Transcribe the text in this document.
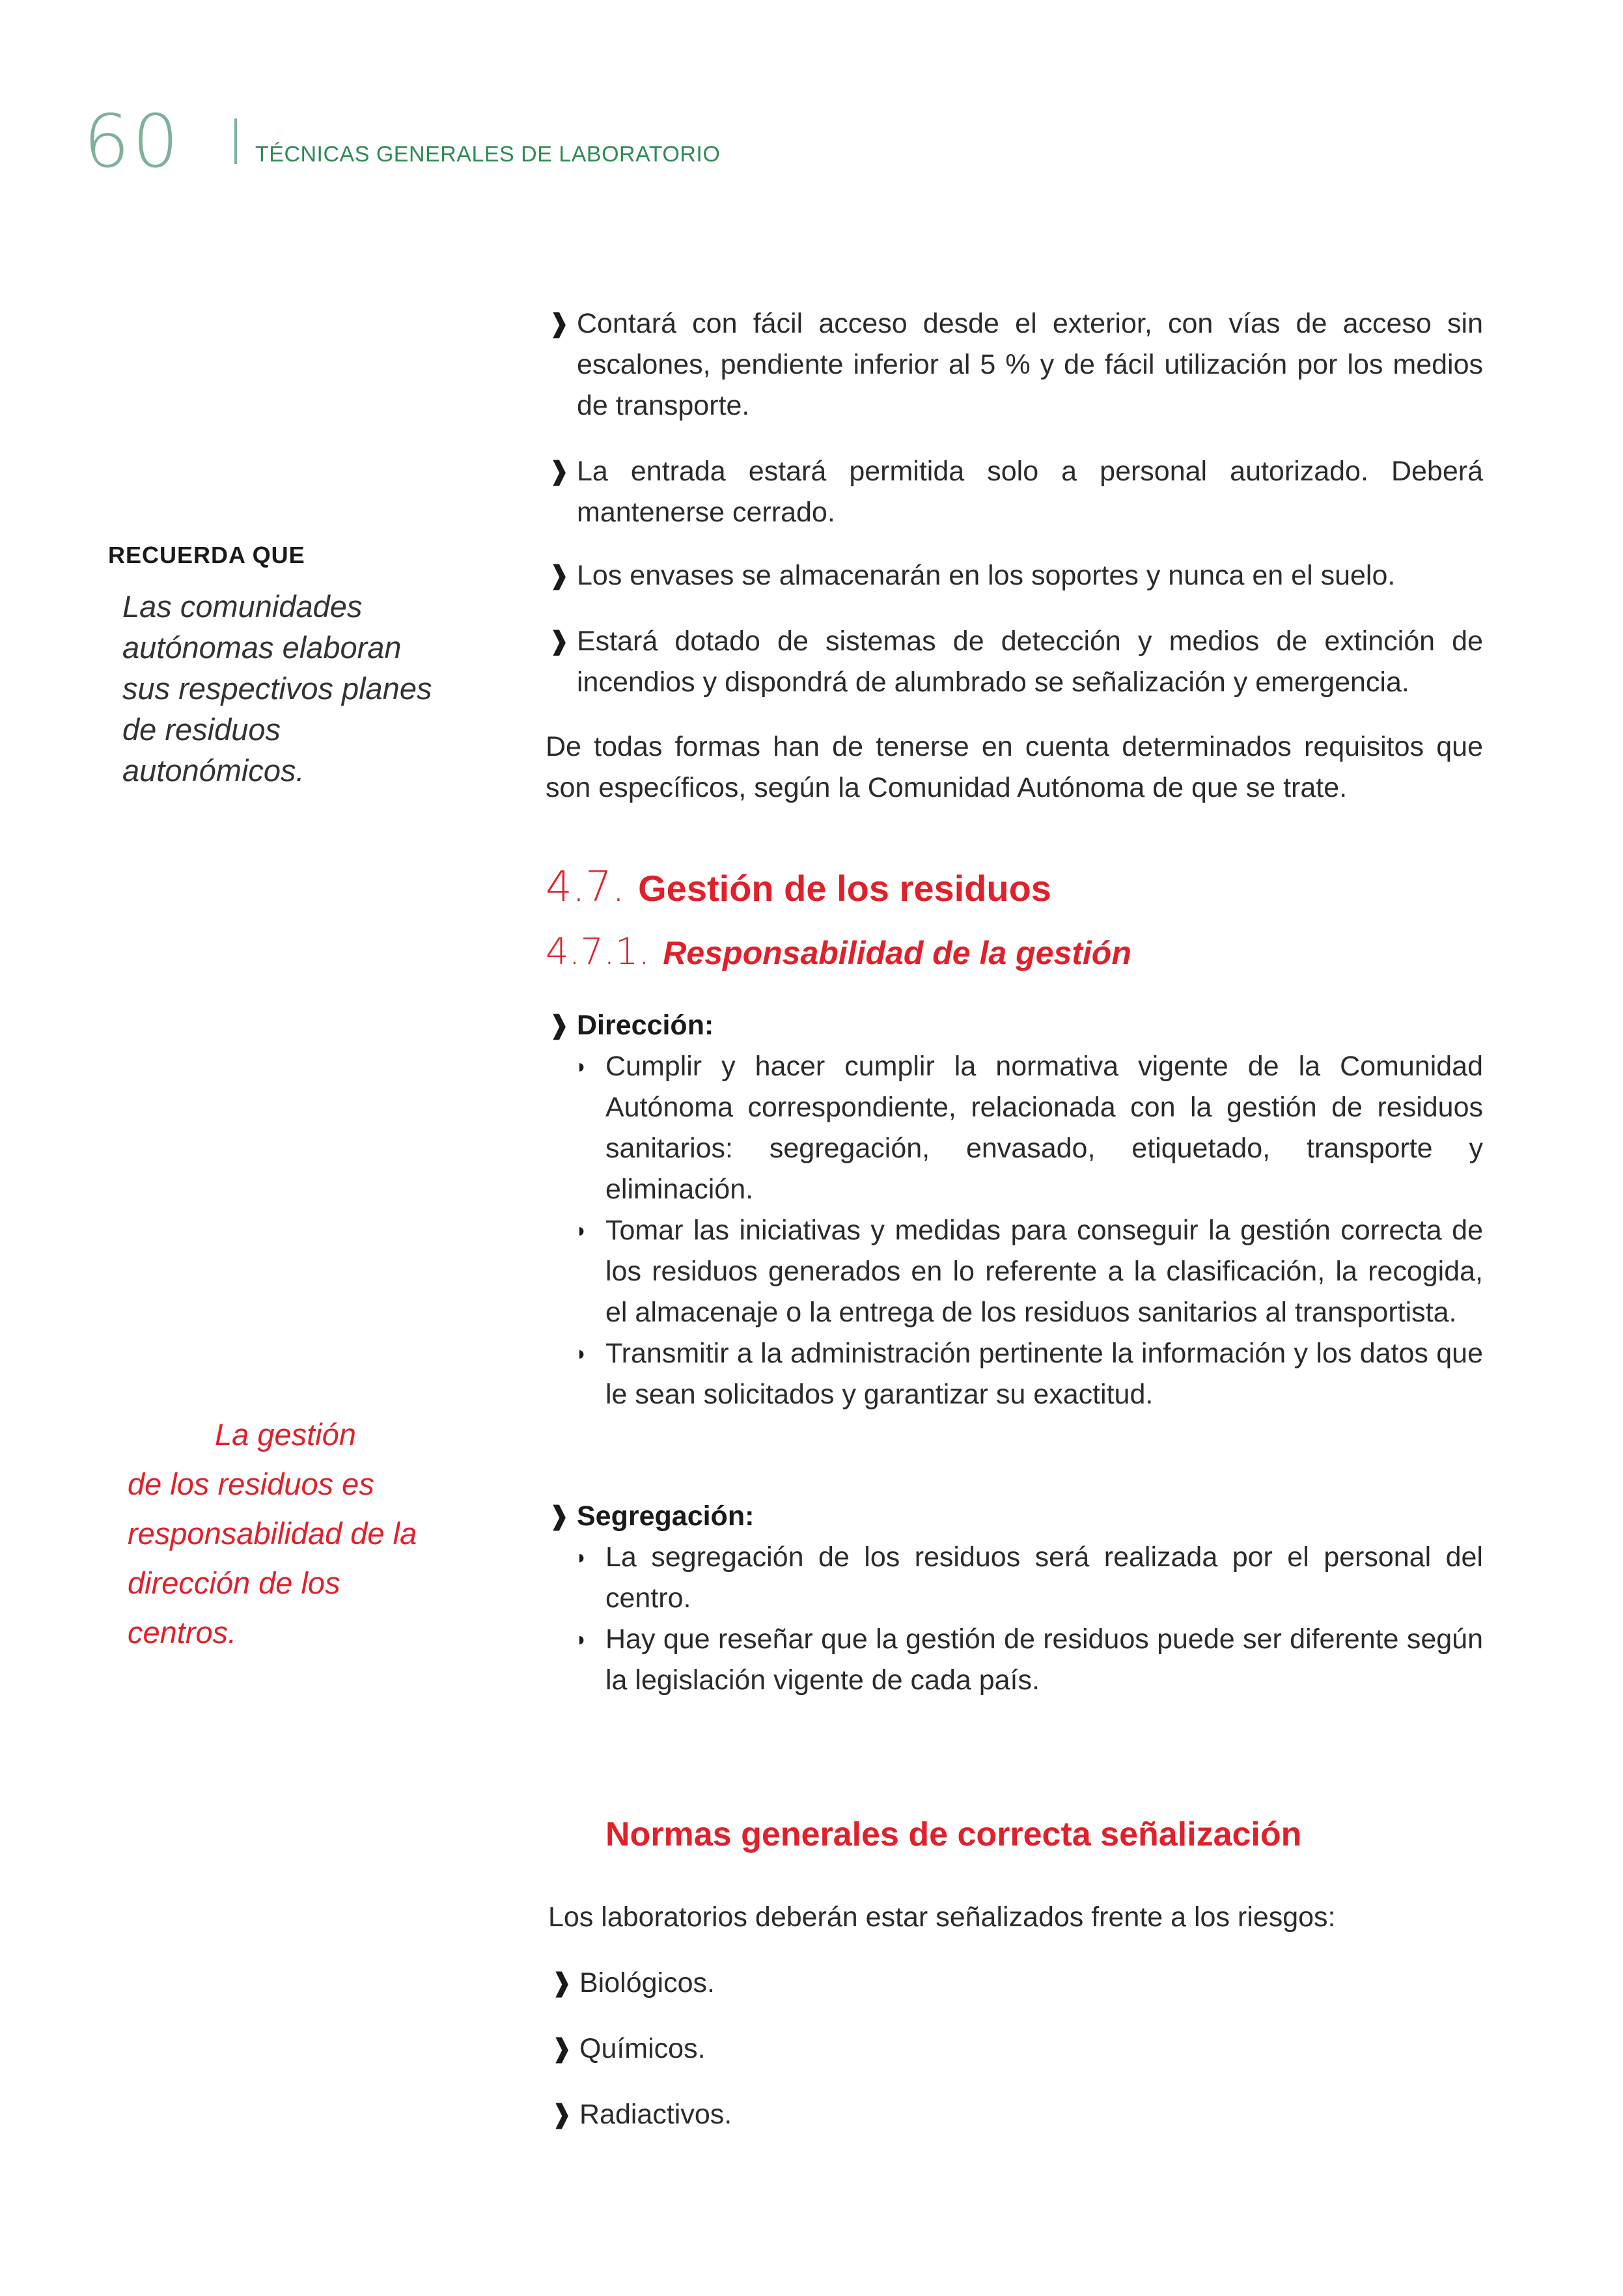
60	TÉCNICAS GENERALES DE LABORATORIO
RECUERDA QUE
Las comunidades autónomas elaboran sus respectivos planes de residuos autonómicos.
La gestión
de los residuos es responsabilidad de la dirección de los centros.
❱ Contará con fácil acceso desde el exterior, con vías de acceso sin escalones, pendiente inferior al 5 % y de fácil utilización por los medios de transporte.
❱ La entrada estará permitida solo a personal autorizado. Deberá mantenerse cerrado.
❱ Los envases se almacenarán en los soportes y nunca en el suelo.
❱ Estará dotado de sistemas de detección y medios de extinción de incendios y dispondrá de alumbrado se señalización y emergencia.

De todas formas han de tenerse en cuenta determinados requisitos que son específicos, según la Comunidad Autónoma de que se trate.

4.7. Gestión de los residuos
4.7.1. Responsabilidad de la gestión
❱ Dirección:
◗ Cumplir y hacer cumplir la normativa vigente de la Comunidad Autónoma correspondiente, relacionada con la gestión de residuos sanitarios: segregación, envasado, etiquetado, transporte y eliminación.
◗ Tomar las iniciativas y medidas para conseguir la gestión correcta de los residuos generados en lo referente a la clasificación, la recogida, el almacenaje o la entrega de los residuos sanitarios al transportista.
◗ Transmitir a la administración pertinente la información y los datos que le sean solicitados y garantizar su exactitud.
❱ Segregación:
◗ La segregación de los residuos será realizada por el personal del centro.
◗ Hay que reseñar que la gestión de residuos puede ser diferente según la legislación vigente de cada país.
Normas generales de correcta señalización

Los laboratorios deberán estar señalizados frente a los riesgos:

❱ Biológicos.
❱ Químicos.
❱ Radiactivos.
